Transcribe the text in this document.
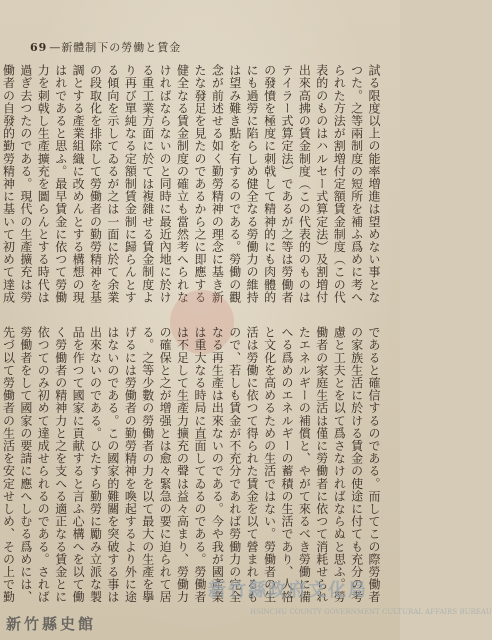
69 —新體制下の勞働と賃金
試る限度以上の能率増進は望めない事となつた。之等兩制度の短所を補ふ爲めに考へられた方法が割増付定額賃金制度（この代表的のものはハルセー式算定法）及割増付出來高拂の賃金制度（この代表的のものはテイラー式算定法）であるが之等は勞働者の發憤を極度に刺戟して精神的にも肉體的にも過勞に陷らしめ健全なる勞働力の維持は望み難き點を有するのである。勞働の觀念が前述せる如く勤勞精神の理念に基き新たな發足を見たのであるから之に即應する健全なる賃金制度の確立も當然考へられなければならないのと同時に最近內地に於ける重工業方面に於ては複雜せる賃金制度より再び單純なる定額制賃金制に歸らんとする傾向を示してゐるが之は一面に於て余業の段取化を排除して勞働者の勤勞精神を基調とする產業組織に改めんとする構想の現はれであると思ふ。最早賃金に依つて勞働力を刺戟し生產擴充を圖らんとする時代は過ぎ去つたのである。現代の生產擴充は勞働者の自發的勤勞精神に基いて初めて達成
であると確信するのである。而してこの際勞働者の家族生活に於ける賃金の使途に付ても充分の考慮と工夫とを以て爲さなければならぬと思ふ。勞働者の家庭生活は僅に勞働者に依つて消耗せられたエネルギーの補償と、やがて來るべき勞働に備へる爲めのエネルギーの蓄積の生活であり、人格と文化を高めるための生活ではない。勞働者の生活は勞働に依つて得られた賃金を以て營まれるもので、若しも賃金が不充分であれば勞働力の完全なる再生產は出來ないのである。今や我が國產業は重大なる時局に直面してゐるのである。勞働者は不足して生產力擴充の聲は益々高まり、勞働力の確保と之が增强とは愈々緊急の要に迫られて居る。之等少數の勞働者の力を以て最大の生產を擧げるには勞働者の勤勞精神を喚起するより外に途はないのである。この國家的難關を突破する事は出來ないのである。ひたすら勤勞に勵み立派な製品を作つて國家に貢献すると言ふ心構へを以て働く勞働者の精神力と之を支へる適正なる賃金とに依つてのみ初めて達成せられるのである。されば勞働者をして國家の要請に應へしむる爲めには、先づ以て勞働者の生活を安定せしめ、その上で勤	新竹縣政府文化局
HSINCHU COUNTY GOVERNMENT CULTURAL AFFAIRS BUREAU
新竹縣史館
